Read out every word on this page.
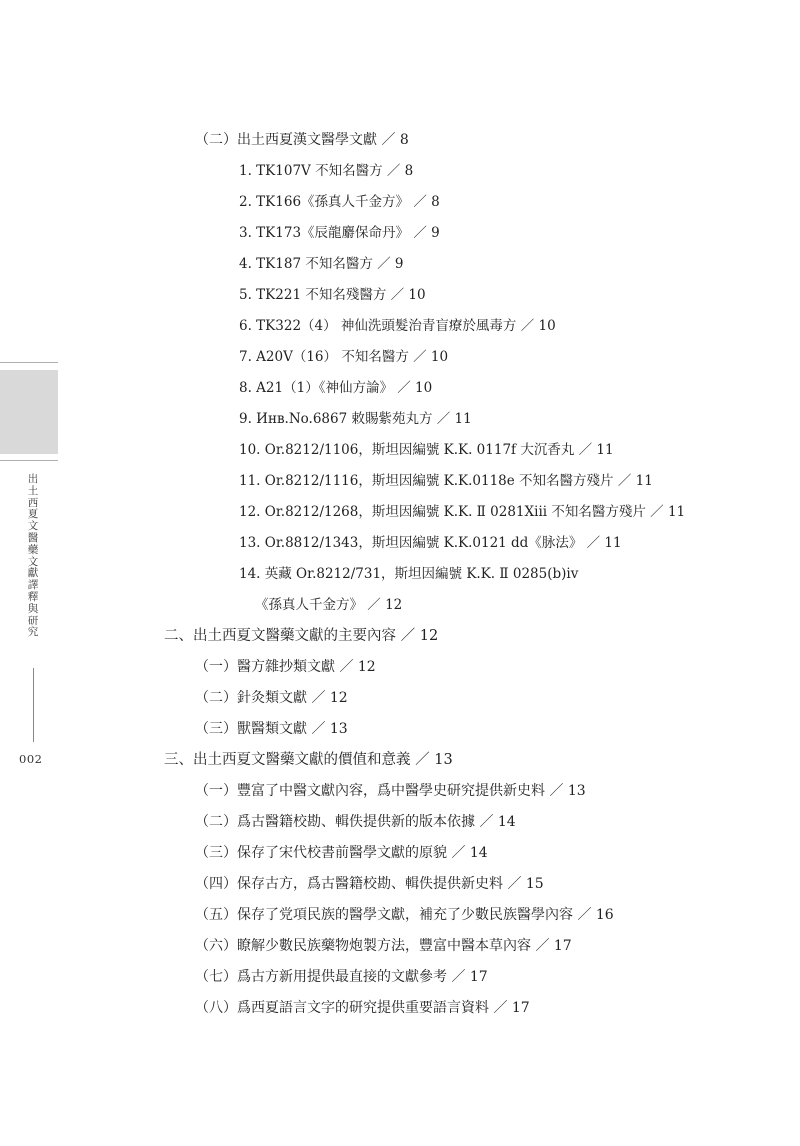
出土西夏文醫藥文獻譯釋與研究
002
（二）出土西夏漢文醫學文獻 ／ 8
1. TK107V 不知名醫方 ／ 8
2. TK166《孫真人千金方》 ／ 8
3. TK173《辰龍麝保命丹》 ／ 9
4. TK187 不知名醫方 ／ 9
5. TK221 不知名殘醫方 ／ 10
6. TK322（4） 神仙洗頭髮治青盲療於風毒方 ／ 10
7. A20V（16） 不知名醫方 ／ 10
8. A21（1）《神仙方論》 ／ 10
9. Инв.No.6867 敕賜紫苑丸方 ／ 11
10. Or.8212/1106，斯坦因編號 K.K. 0117f 大沉香丸 ／ 11
11. Or.8212/1116，斯坦因編號 K.K.0118e 不知名醫方殘片 ／ 11
12. Or.8212/1268，斯坦因編號 K.K. Ⅱ 0281Xiii 不知名醫方殘片 ／ 11
13. Or.8812/1343，斯坦因編號 K.K.0121 dd《脉法》 ／ 11
14. 英藏 Or.8212/731，斯坦因編號 K.K. Ⅱ 0285(b)iv
《孫真人千金方》 ／ 12
二、出土西夏文醫藥文獻的主要內容 ／ 12
（一）醫方雜抄類文獻 ／ 12
（二）針灸類文獻 ／ 12
（三）獸醫類文獻 ／ 13
三、出土西夏文醫藥文獻的價值和意義 ／ 13
（一）豐富了中醫文獻內容，爲中醫學史研究提供新史料 ／ 13
（二）爲古醫籍校勘、輯佚提供新的版本依據 ／ 14
（三）保存了宋代校書前醫學文獻的原貌 ／ 14
（四）保存古方，爲古醫籍校勘、輯佚提供新史料 ／ 15
（五）保存了党項民族的醫學文獻，補充了少數民族醫學內容 ／ 16
（六）瞭解少數民族藥物炮製方法，豐富中醫本草內容 ／ 17
（七）爲古方新用提供最直接的文獻參考 ／ 17
（八）爲西夏語言文字的研究提供重要語言資料 ／ 17
